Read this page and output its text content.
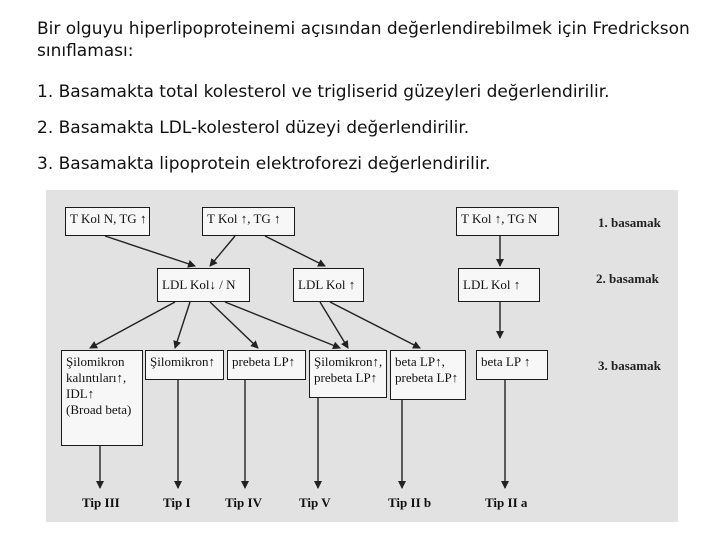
Bir olguyu hiperlipoproteinemi açısından değerlendirebilmek için Fredrickson sınıflaması:
1. Basamakta total kolesterol ve trigliserid güzeyleri değerlendirilir.
2. Basamakta LDL-kolesterol düzeyi değerlendirilir.
3. Basamakta lipoprotein elektroforezi değerlendirilir.
T Kol N, TG ↑	T Kol ↑, TG ↑	T Kol ↑, TG N
LDL Kol↓ / N	LDL Kol ↑	LDL Kol ↑
Şilomikron
kalıntıları↑,
IDL↑
(Broad beta)
Şilomikron↑	prebeta LP↑	Şilomikron↑,
prebeta LP↑
beta LP↑,
prebeta LP↑
beta LP ↑
1. basamak
2. basamak
3. basamak
Tip III	Tip I	Tip IV	Tip V	Tip II b	Tip II a
